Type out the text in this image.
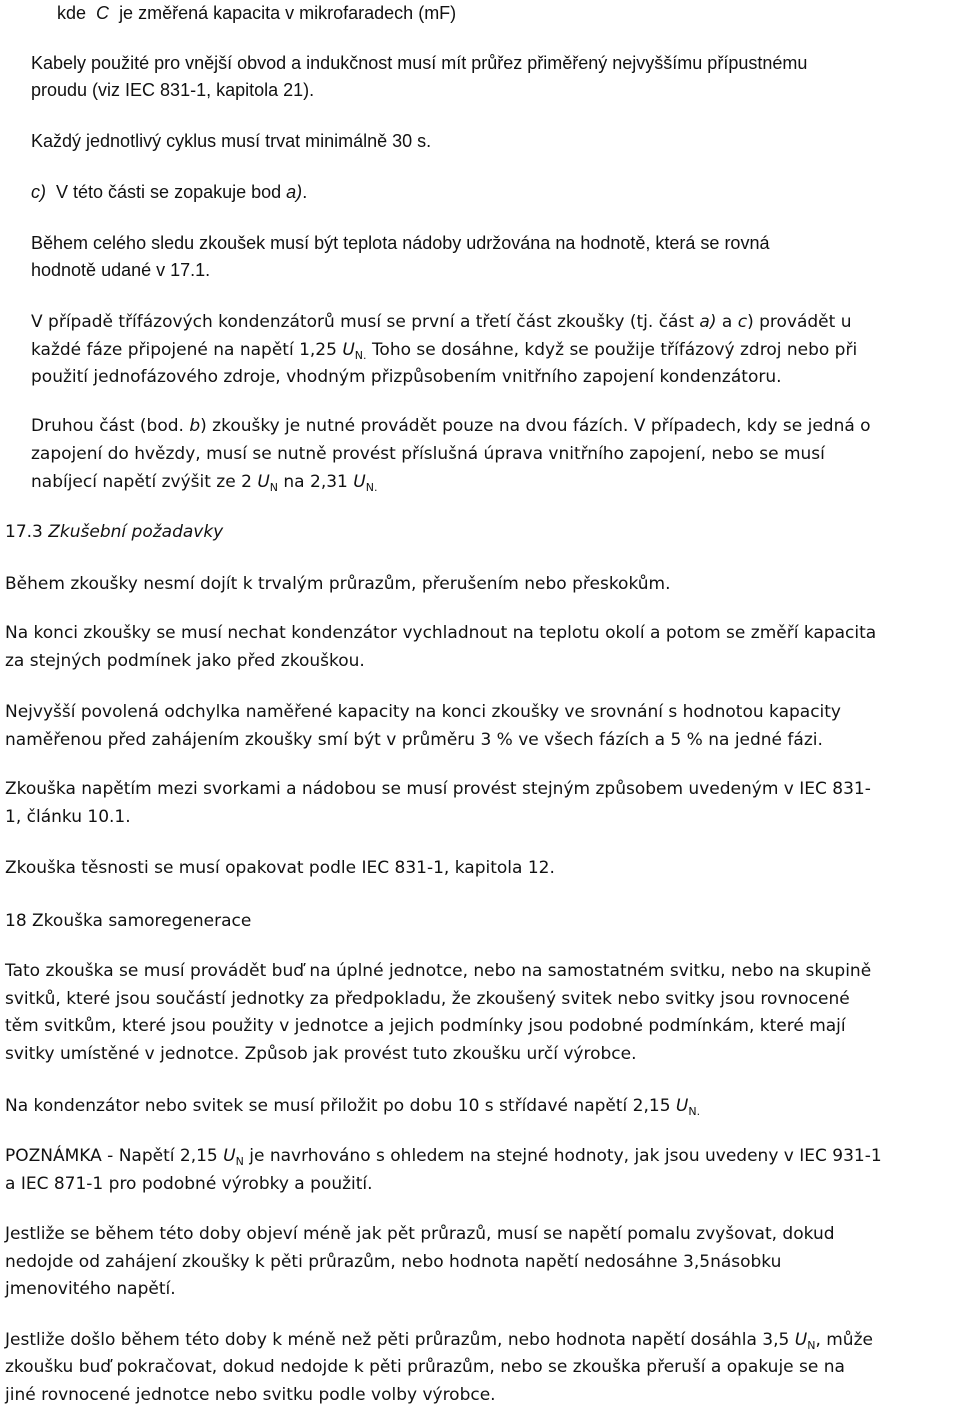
kde C je změřená kapacita v mikrofaradech (mF)

Kabely použité pro vnější obvod a indukčnost musí mít průřez přiměřený nejvyššímu přípustnému

proudu (viz IEC 831-1, kapitola 21).

Každý jednotlivý cyklus musí trvat minimálně 30 s.

c) V této části se zopakuje bod a).

Během celého sledu zkoušek musí být teplota nádoby udržována na hodnotě, která se rovná

hodnotě udané v 17.1.

V případě třífázových kondenzátorů musí se první a třetí část zkoušky (tj. část a) a c) provádět u

každé fáze připojené na napětí 1,25 $U_{N.}$ Toho se dosáhne, když se použije třífázový zdroj nebo při

použití jednofázového zdroje, vhodným přizpůsobením vnitřního zapojení kondenzátoru.

Druhou část (bod. b) zkoušky je nutné provádět pouze na dvou fázích. V případech, kdy se jedná o

zapojení do hvězdy, musí se nutně provést příslušná úprava vnitřního zapojení, nebo se musí

nabíjecí napětí zvýšit ze 2 $U_N$ na 2,31 $U_{N.}$

17.3 Zkušební požadavky

Během zkoušky nesmí dojít k trvalým průrazům, přerušením nebo přeskokům.

Na konci zkoušky se musí nechat kondenzátor vychladnout na teplotu okolí a potom se změří kapacita

za stejných podmínek jako před zkouškou.

Nejvyšší povolená odchylka naměřené kapacity na konci zkoušky ve srovnání s hodnotou kapacity

naměřenou před zahájením zkoušky smí být v průměru 3 % ve všech fázích a 5 % na jedné fázi.

Zkouška napětím mezi svorkami a nádobou se musí provést stejným způsobem uvedeným v IEC 831-

1, článku 10.1.

Zkouška těsnosti se musí opakovat podle IEC 831-1, kapitola 12.

18 Zkouška samoregenerace

Tato zkouška se musí provádět buď na úplné jednotce, nebo na samostatném svitku, nebo na skupině

svitků, které jsou součástí jednotky za předpokladu, že zkoušený svitek nebo svitky jsou rovnocené

těm svitkům, které jsou použity v jednotce a jejich podmínky jsou podobné podmínkám, které mají

svitky umístěné v jednotce. Způsob jak provést tuto zkoušku určí výrobce.

Na kondenzátor nebo svitek se musí přiložit po dobu 10 s střídavé napětí 2,15 $U_{N.}$

POZNÁMKA - Napětí 2,15 $U_N$ je navrhováno s ohledem na stejné hodnoty, jak jsou uvedeny v IEC 931-1

a IEC 871-1 pro podobné výrobky a použití.

Jestliže se během této doby objeví méně jak pět průrazů, musí se napětí pomalu zvyšovat, dokud

nedojde od zahájení zkoušky k pěti průrazům, nebo hodnota napětí nedosáhne 3,5násobku

jmenovitého napětí.

Jestliže došlo během této doby k méně než pěti průrazům, nebo hodnota napětí dosáhla 3,5 $U_N$, může

zkoušku buď pokračovat, dokud nedojde k pěti průrazům, nebo se zkouška přeruší a opakuje se na

jiné rovnocené jednotce nebo svitku podle volby výrobce.
